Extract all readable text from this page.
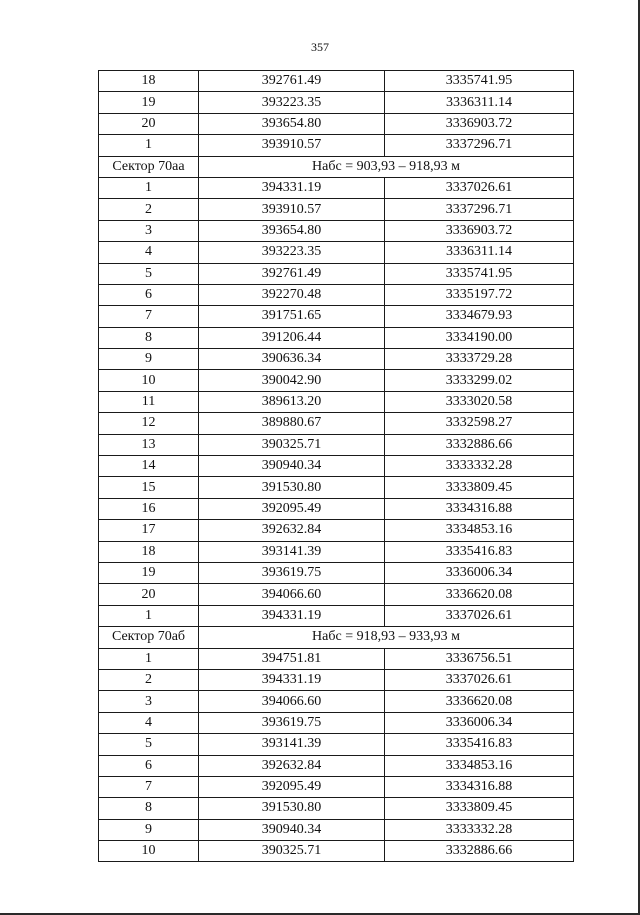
357
18	392761.49	3335741.95
19	393223.35	3336311.14
20	393654.80	3336903.72
1	393910.57	3337296.71
Сектор 70аа	Набс = 903,93 – 918,93 м	
1	394331.19	3337026.61
2	393910.57	3337296.71
3	393654.80	3336903.72
4	393223.35	3336311.14
5	392761.49	3335741.95
6	392270.48	3335197.72
7	391751.65	3334679.93
8	391206.44	3334190.00
9	390636.34	3333729.28
10	390042.90	3333299.02
11	389613.20	3333020.58
12	389880.67	3332598.27
13	390325.71	3332886.66
14	390940.34	3333332.28
15	391530.80	3333809.45
16	392095.49	3334316.88
17	392632.84	3334853.16
18	393141.39	3335416.83
19	393619.75	3336006.34
20	394066.60	3336620.08
1	394331.19	3337026.61
Сектор 70аб	Набс = 918,93 – 933,93 м	
1	394751.81	3336756.51
2	394331.19	3337026.61
3	394066.60	3336620.08
4	393619.75	3336006.34
5	393141.39	3335416.83
6	392632.84	3334853.16
7	392095.49	3334316.88
8	391530.80	3333809.45
9	390940.34	3333332.28
10	390325.71	3332886.66
